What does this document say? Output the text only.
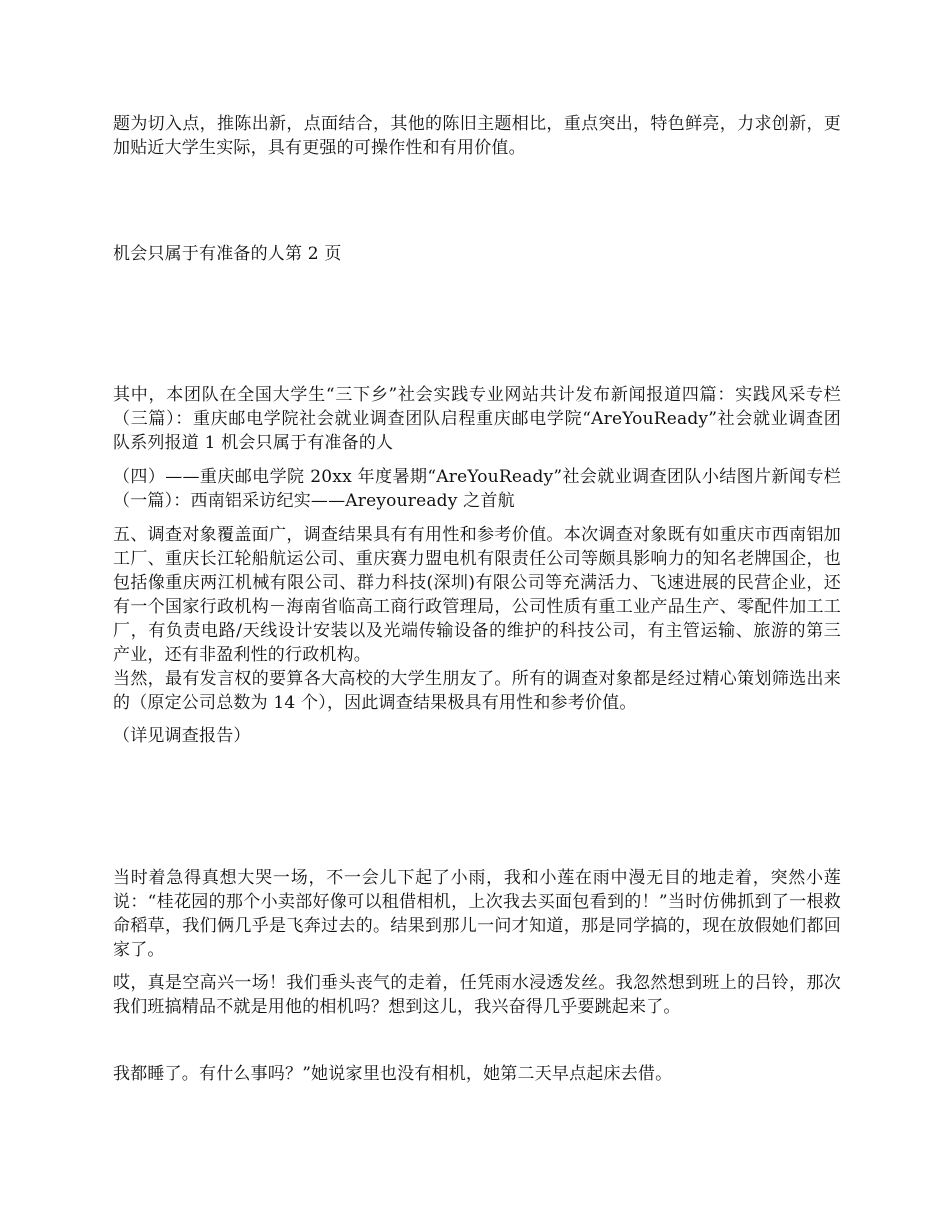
题为切入点，推陈出新，点面结合，其他的陈旧主题相比，重点突出，特色鲜亮，力求创新，更加贴近大学生实际，具有更强的可操作性和有用价值。

机会只属于有准备的人第 2 页

其中，本团队在全国大学生“三下乡”社会实践专业网站共计发布新闻报道四篇：实践风采专栏（三篇）：重庆邮电学院社会就业调查团队启程重庆邮电学院“AreYouReady”社会就业调查团队系列报道 1 机会只属于有准备的人

（四）——重庆邮电学院 20xx 年度暑期“AreYouReady”社会就业调查团队小结图片新闻专栏（一篇）：西南铝采访纪实——Areyouready 之首航

五、调查对象覆盖面广，调查结果具有有用性和参考价值。本次调查对象既有如重庆市西南铝加工厂、重庆长江轮船航运公司、重庆赛力盟电机有限责任公司等颇具影响力的知名老牌国企，也包括像重庆两江机械有限公司、群力科技(深圳)有限公司等充满活力、飞速进展的民营企业，还有一个国家行政机构－海南省临高工商行政管理局，公司性质有重工业产品生产、零配件加工工厂，有负责电路/天线设计安装以及光端传输设备的维护的科技公司，有主管运输、旅游的第三产业，还有非盈利性的行政机构。

当然，最有发言权的要算各大高校的大学生朋友了。所有的调查对象都是经过精心策划筛选出来的（原定公司总数为 14 个），因此调查结果极具有用性和参考价值。

（详见调查报告）

当时着急得真想大哭一场，不一会儿下起了小雨，我和小莲在雨中漫无目的地走着，突然小莲说：“桂花园的那个小卖部好像可以租借相机，上次我去买面包看到的！”当时仿佛抓到了一根救命稻草，我们俩几乎是飞奔过去的。结果到那儿一问才知道，那是同学搞的，现在放假她们都回家了。

哎，真是空高兴一场！我们垂头丧气的走着，任凭雨水浸透发丝。我忽然想到班上的吕铃，那次我们班搞精品不就是用他的相机吗？想到这儿，我兴奋得几乎要跳起来了。

我都睡了。有什么事吗？”她说家里也没有相机，她第二天早点起床去借。
